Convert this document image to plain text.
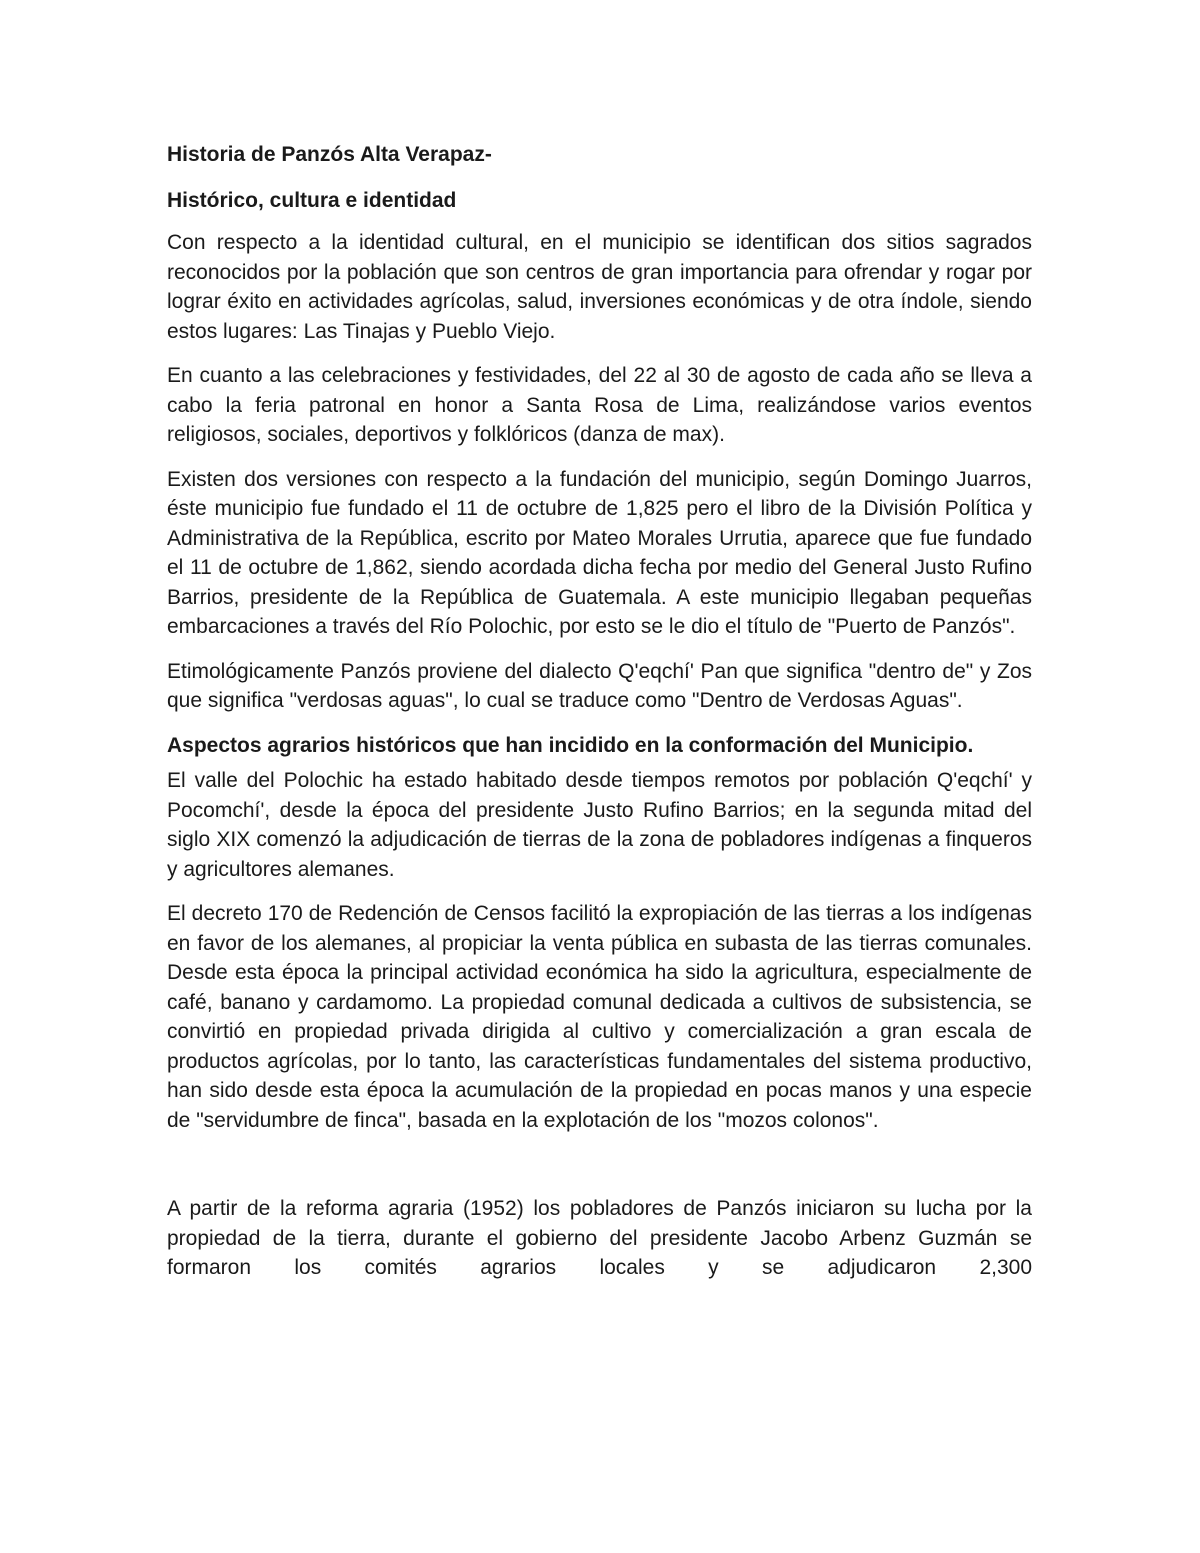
Historia de Panzós Alta Verapaz-

Histórico, cultura e identidad

Con respecto a la identidad cultural, en el municipio se identifican dos sitios sagrados reconocidos por la población que son centros de gran importancia para ofrendar y rogar por lograr éxito en actividades agrícolas, salud, inversiones económicas y de otra índole, siendo estos lugares: Las Tinajas y Pueblo Viejo.

En cuanto a las celebraciones y festividades, del 22 al 30 de agosto de cada año se lleva a cabo la feria patronal en honor a Santa Rosa de Lima, realizándose varios eventos religiosos, sociales, deportivos y folklóricos (danza de max).

Existen dos versiones con respecto a la fundación del municipio, según Domingo Juarros, éste municipio fue fundado el 11 de octubre de 1,825 pero el libro de la División Política y Administrativa de la República, escrito por Mateo Morales Urrutia, aparece que fue fundado el 11 de octubre de 1,862, siendo acordada dicha fecha por medio del General Justo Rufino Barrios, presidente de la República de Guatemala. A este municipio llegaban pequeñas embarcaciones a través del Río Polochic, por esto se le dio el título de "Puerto de Panzós".

Etimológicamente Panzós proviene del dialecto Q'eqchí' Pan que significa "dentro de" y Zos que significa "verdosas aguas", lo cual se traduce como "Dentro de Verdosas Aguas".

Aspectos agrarios históricos que han incidido en la conformación del Municipio.

El valle del Polochic ha estado habitado desde tiempos remotos por población Q'eqchí' y Pocomchí', desde la época del presidente Justo Rufino Barrios; en la segunda mitad del siglo XIX comenzó la adjudicación de tierras de la zona de pobladores indígenas a finqueros y agricultores alemanes.

El decreto 170 de Redención de Censos facilitó la expropiación de las tierras a los indígenas en favor de los alemanes, al propiciar la venta pública en subasta de las tierras comunales. Desde esta época la principal actividad económica ha sido la agricultura, especialmente de café, banano y cardamomo. La propiedad comunal dedicada a cultivos de subsistencia, se convirtió en propiedad privada dirigida al cultivo y comercialización a gran escala de productos agrícolas, por lo tanto, las características fundamentales del sistema productivo, han sido desde esta época la acumulación de la propiedad en pocas manos y una especie de "servidumbre de finca", basada en la explotación de los "mozos colonos".

A partir de la reforma agraria (1952) los pobladores de Panzós iniciaron su lucha por la propiedad de la tierra, durante el gobierno del presidente Jacobo Arbenz Guzmán se formaron los comités agrarios locales y se adjudicaron 2,300
